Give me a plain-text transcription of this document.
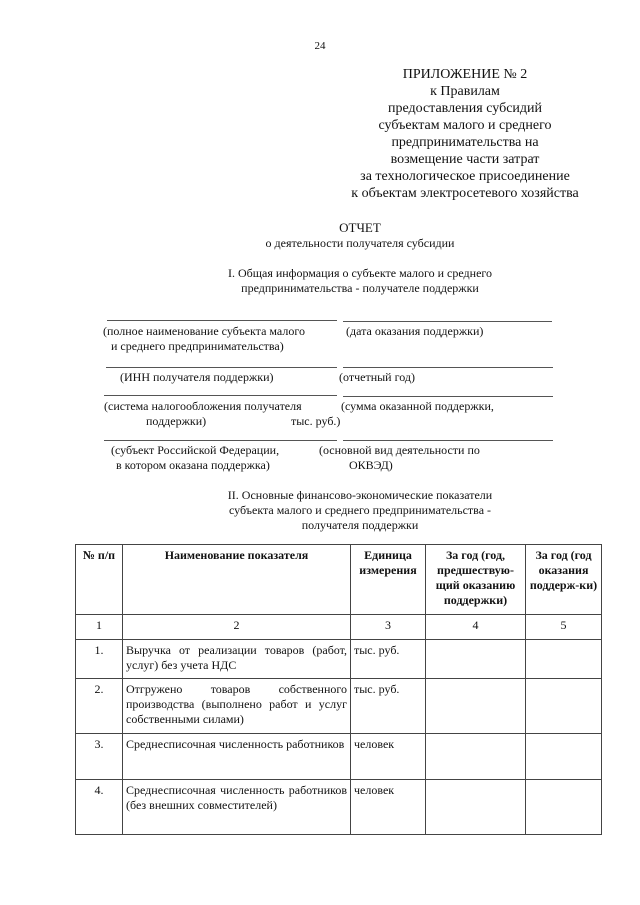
24
ПРИЛОЖЕНИЕ № 2
к Правилам
предоставления субсидий
субъектам малого и среднего
предпринимательства на
возмещение части затрат
за технологическое присоединение
к объектам электросетевого хозяйства
ОТЧЕТ
о деятельности получателя субсидии
I. Общая информация о субъекте малого и среднего
предпринимательства - получателе поддержки
(полное наименование субъекта малого
и среднего предпринимательства)
(дата оказания поддержки)
(ИНН получателя поддержки)	(отчетный год)
(система налогообложения получателя
поддержки)
(сумма оказанной поддержки,
тыс. руб.)
(субъект Российской Федерации,
в котором оказана поддержка)
(основной вид деятельности по
ОКВЭД)
II. Основные финансово-экономические показатели
субъекта малого и среднего предпринимательства -
получателя поддержки
№ п/п	Наименование показателя	Единица измерения	За год (год, предшествую-щий оказанию поддержки)	За год (год оказания поддерж-ки)
1	2	3	4	5
1.	Выручка от реализации товаров (работ, услуг) без учета НДС	тыс. руб.		
2.	Отгружено товаров собственного производства (выполнено работ и услуг собственными силами)	тыс. руб.		
3.	Среднесписочная численность работников	человек		
4.	Среднесписочная численность работников (без внешних совместителей)	человек		
